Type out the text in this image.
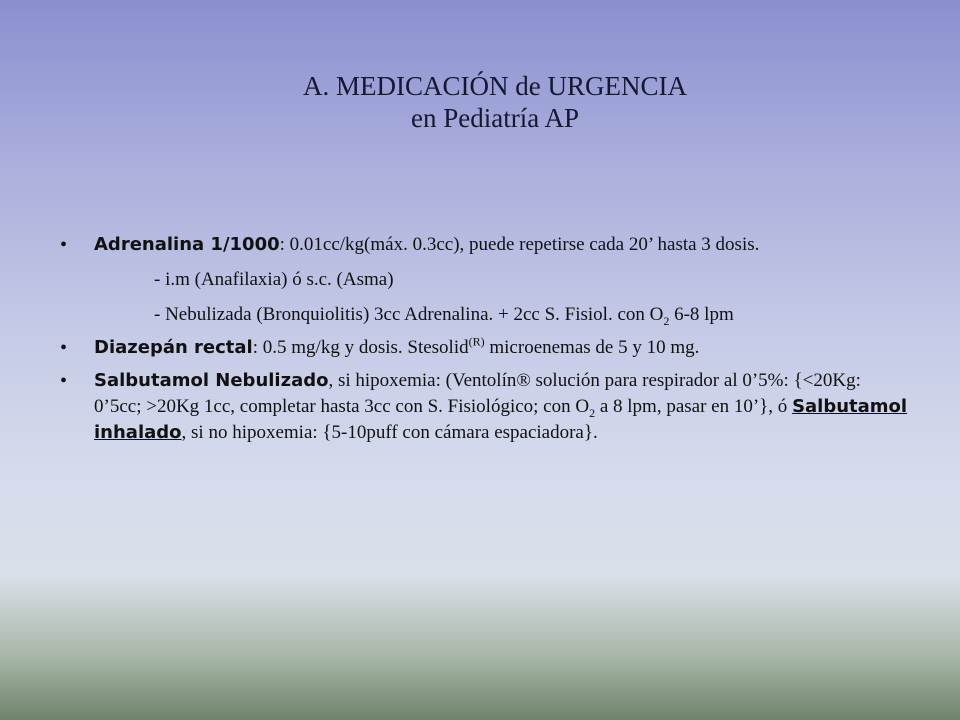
A. MEDICACIÓN de URGENCIA
en Pediatría AP
• Adrenalina 1/1000: 0.01cc/kg(máx. 0.3cc), puede repetirse cada 20’ hasta 3 dosis.
- i.m (Anafilaxia) ó s.c. (Asma)
- Nebulizada (Bronquiolitis) 3cc Adrenalina. + 2cc S. Fisiol. con $O_2$ 6-8 lpm
• Diazepán rectal: 0.5 mg/kg y dosis. Stesolid$^{(R)}$ microenemas de 5 y 10 mg.
• Salbutamol Nebulizado, si hipoxemia: (Ventolín® solución para respirador al 0’5%: {<20Kg: 0’5cc; >20Kg 1cc, completar hasta 3cc con S. Fisiológico; con $O_2$ a 8 lpm, pasar en 10’}, ó Salbutamol inhalado, si no hipoxemia: {5-10puff con cámara espaciadora}.
